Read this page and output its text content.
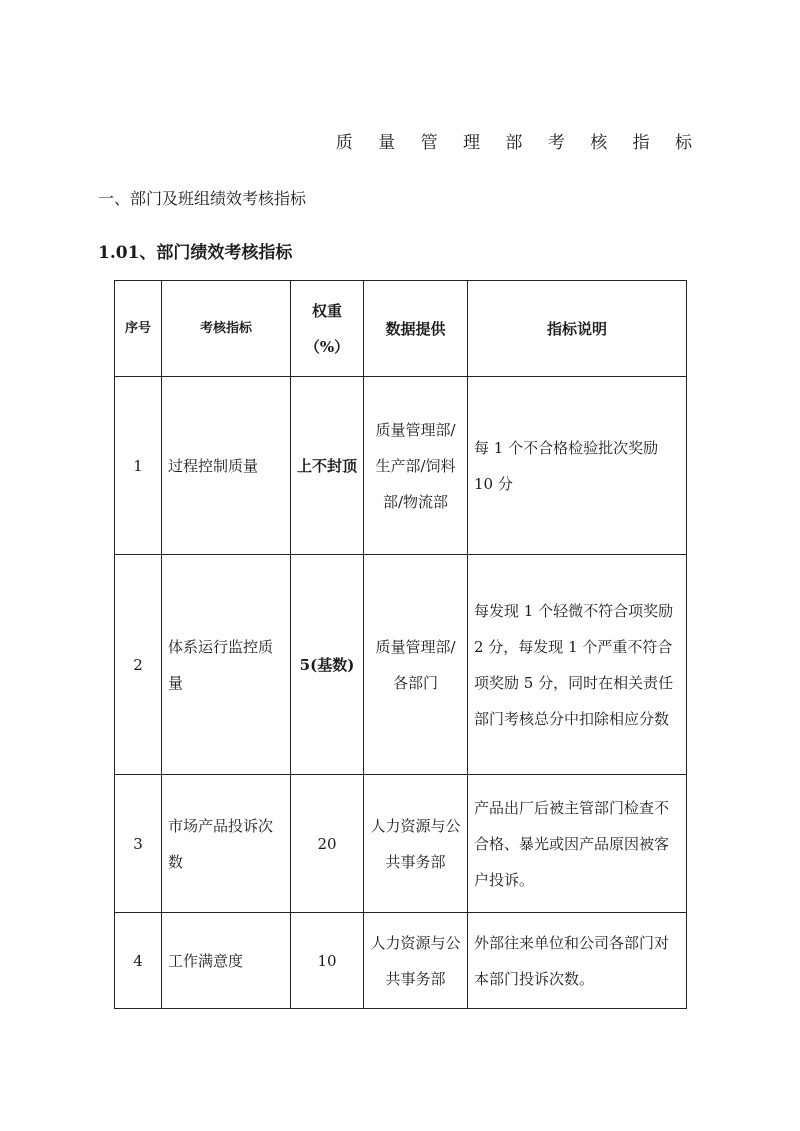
质 量 管 理 部 考 核 指 标
一、部门及班组绩效考核指标
1.01、部门绩效考核指标
序号	考核指标	权重（%）	数据提供	指标说明
1	过程控制质量	上不封顶	质量管理部/生产部/饲料部/物流部	每 1 个不合格检验批次奖励 10 分
2	体系运行监控质量	5(基数)	质量管理部/各部门	每发现 1 个轻微不符合项奖励 2 分，每发现 1 个严重不符合项奖励 5 分，同时在相关责任部门考核总分中扣除相应分数
3	市场产品投诉次数	20	人力资源与公共事务部	产品出厂后被主管部门检查不合格、暴光或因产品原因被客户投诉。
4	工作满意度	10	人力资源与公共事务部	外部往来单位和公司各部门对本部门投诉次数。
